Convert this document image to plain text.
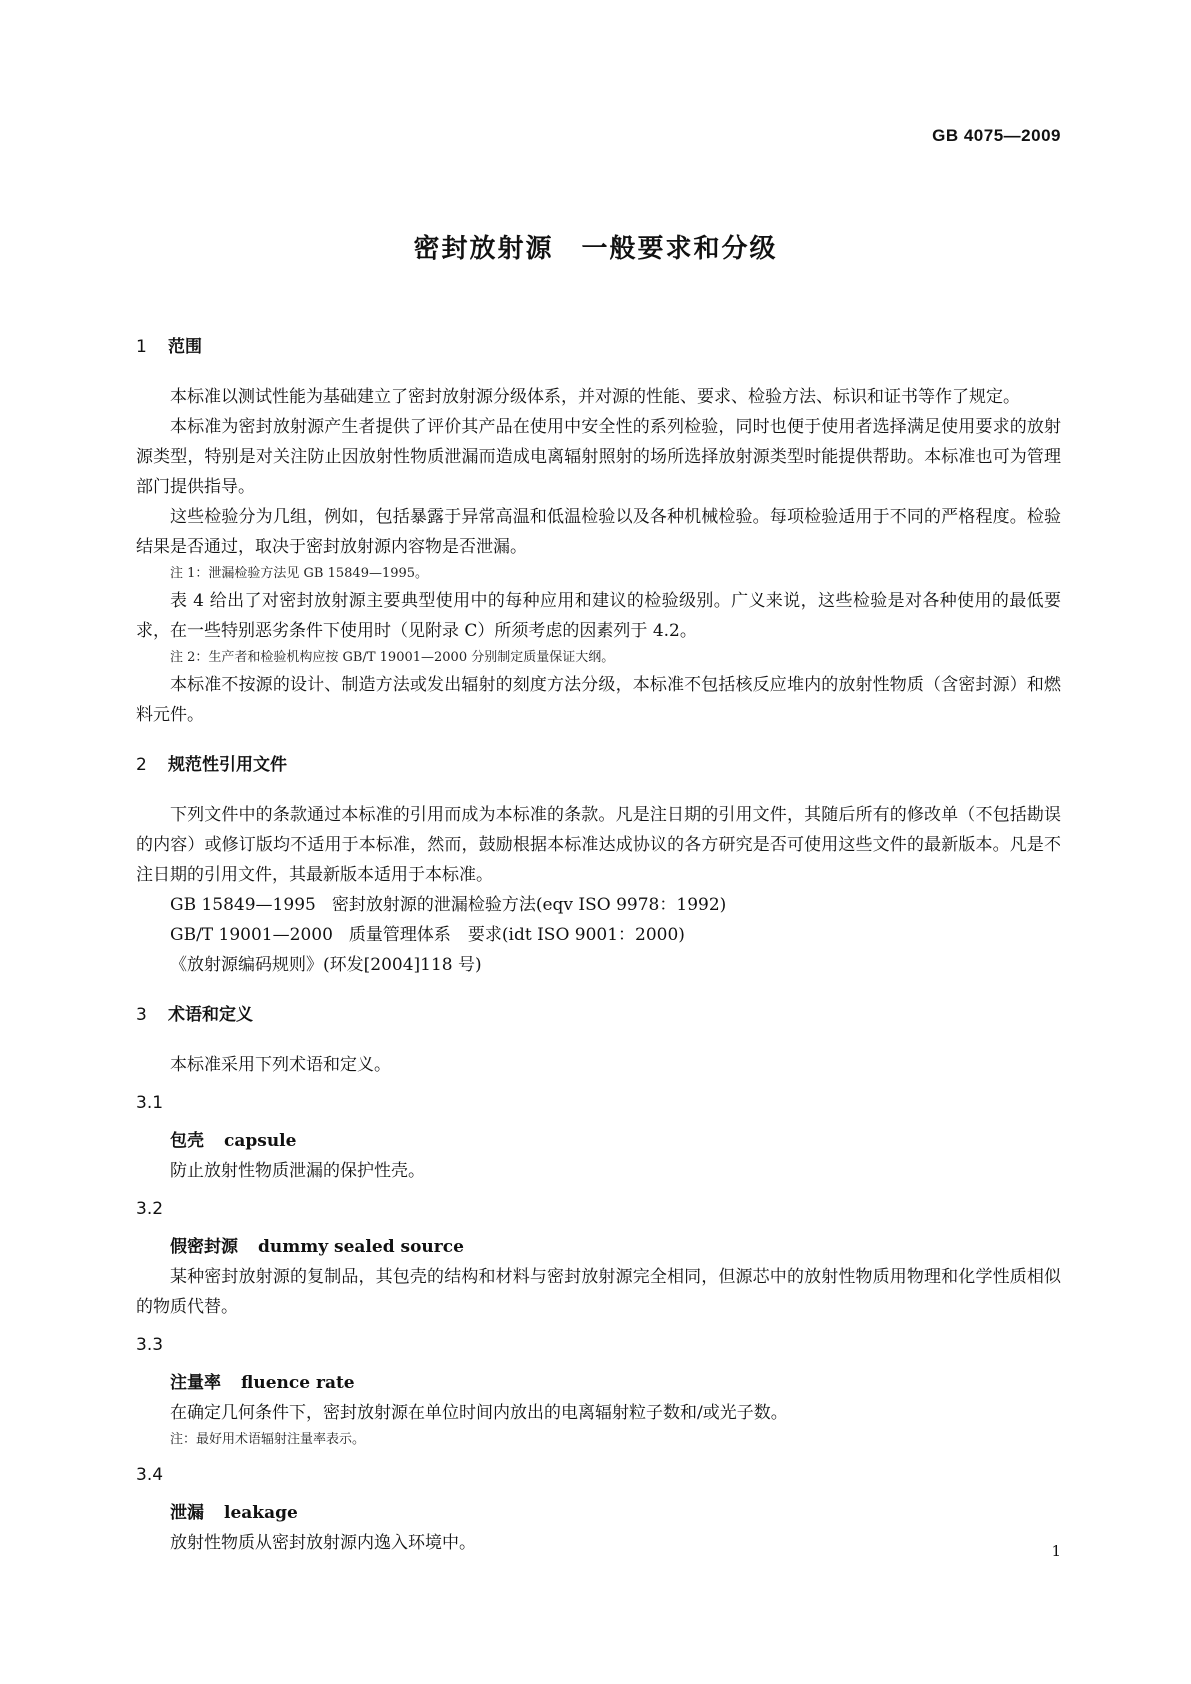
GB 4075—2009
密封放射源　一般要求和分级
1 范围

本标准以测试性能为基础建立了密封放射源分级体系，并对源的性能、要求、检验方法、标识和证书等作了规定。

本标准为密封放射源产生者提供了评价其产品在使用中安全性的系列检验，同时也便于使用者选择满足使用要求的放射源类型，特别是对关注防止因放射性物质泄漏而造成电离辐射照射的场所选择放射源类型时能提供帮助。本标准也可为管理部门提供指导。

这些检验分为几组，例如，包括暴露于异常高温和低温检验以及各种机械检验。每项检验适用于不同的严格程度。检验结果是否通过，取决于密封放射源内容物是否泄漏。

注 1：泄漏检验方法见 GB 15849—1995。

表 4 给出了对密封放射源主要典型使用中的每种应用和建议的检验级别。广义来说，这些检验是对各种使用的最低要求，在一些特别恶劣条件下使用时（见附录 C）所须考虑的因素列于 4.2。

注 2：生产者和检验机构应按 GB/T 19001—2000 分别制定质量保证大纲。

本标准不按源的设计、制造方法或发出辐射的刻度方法分级，本标准不包括核反应堆内的放射性物质（含密封源）和燃料元件。

2 规范性引用文件

下列文件中的条款通过本标准的引用而成为本标准的条款。凡是注日期的引用文件，其随后所有的修改单（不包括勘误的内容）或修订版均不适用于本标准，然而，鼓励根据本标准达成协议的各方研究是否可使用这些文件的最新版本。凡是不注日期的引用文件，其最新版本适用于本标准。

GB 15849—1995 密封放射源的泄漏检验方法(eqv ISO 9978：1992)
GB/T 19001—2000 质量管理体系　要求(idt ISO 9001：2000)
《放射源编码规则》(环发[2004]118 号)
3 术语和定义

本标准采用下列术语和定义。

3.1
包壳 capsule
防止放射性物质泄漏的保护性壳。
3.2
假密封源 dummy sealed source
某种密封放射源的复制品，其包壳的结构和材料与密封放射源完全相同，但源芯中的放射性物质用物理和化学性质相似的物质代替。
3.3
注量率 fluence rate
在确定几何条件下，密封放射源在单位时间内放出的电离辐射粒子数和/或光子数。
注：最好用术语辐射注量率表示。
3.4
泄漏 leakage
放射性物质从密封放射源内逸入环境中。	1
